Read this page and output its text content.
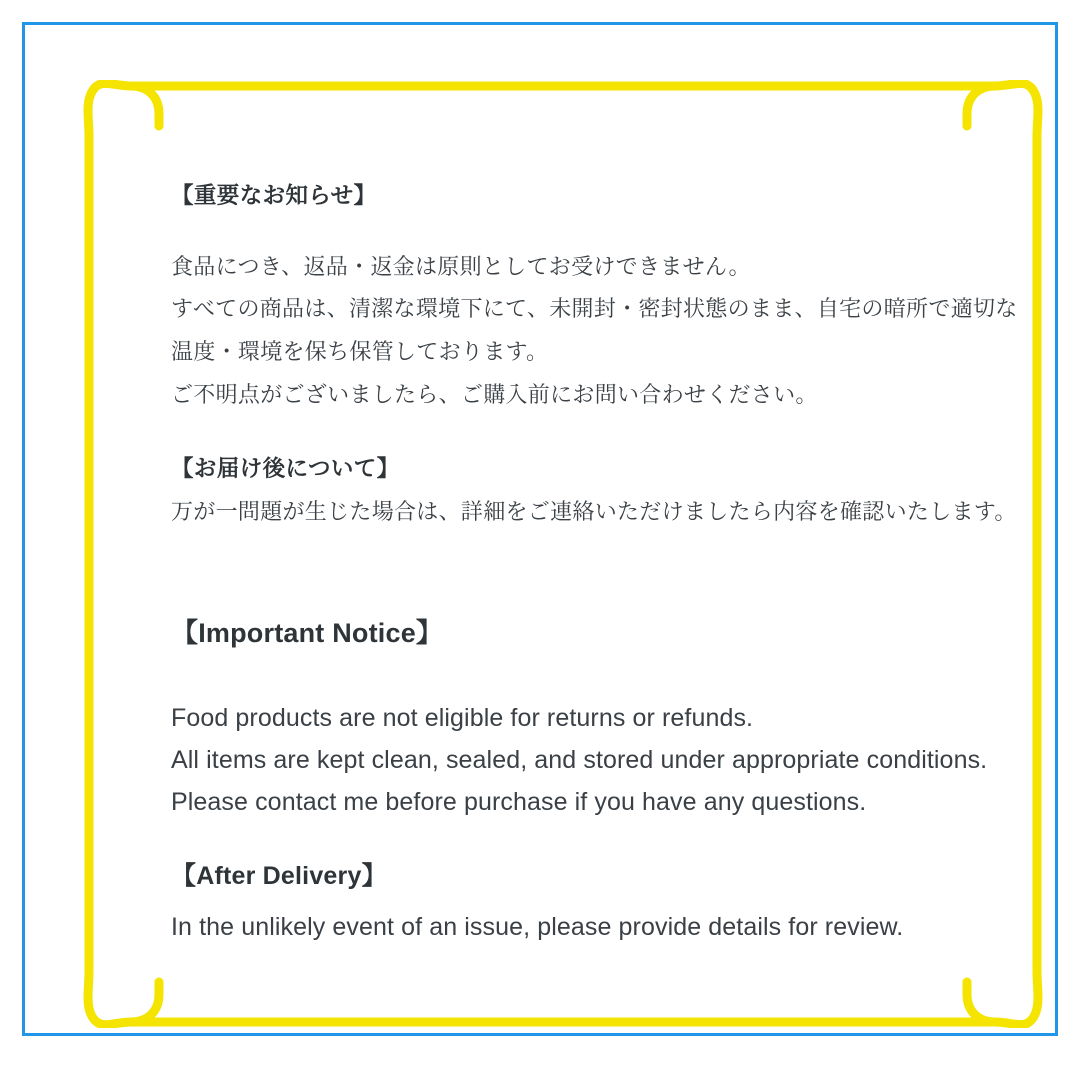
【重要なお知らせ】

食品につき、返品・返金は原則としてお受けできません。

すべての商品は、清潔な環境下にて、未開封・密封状態のまま、自宅の暗所で適切な

温度・環境を保ち保管しております。

ご不明点がございましたら、ご購入前にお問い合わせください。

【お届け後について】

万が一問題が生じた場合は、詳細をご連絡いただけましたら内容を確認いたします。

【Important Notice】

Food products are not eligible for returns or refunds.

All items are kept clean, sealed, and stored under appropriate conditions.

Please contact me before purchase if you have any questions.

【After Delivery】

In the unlikely event of an issue, please provide details for review.
